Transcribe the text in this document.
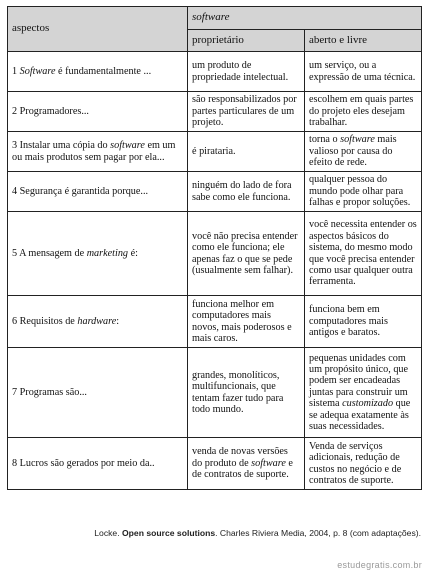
aspectos	software	
	proprietário	aberto e livre
1 Software é fundamentalmente ...	um produto de propriedade intelectual.	um serviço, ou a expressão de uma técnica.
2 Programadores...	são responsabilizados por partes particulares de um projeto.	escolhem em quais partes do projeto eles desejam trabalhar.
3 Instalar uma cópia do software em um ou mais produtos sem pagar por ela...	é pirataria.	torna o software mais valioso por causa do efeito de rede.
4 Segurança é garantida porque...	ninguém do lado de fora sabe como ele funciona.	qualquer pessoa do mundo pode olhar para falhas e propor soluções.
5 A mensagem de marketing é:	você não precisa entender como ele funciona; ele apenas faz o que se pede (usualmente sem falhar).	você necessita entender os aspectos básicos do sistema, do mesmo modo que você precisa entender como usar qualquer outra ferramenta.
6 Requisitos de hardware:	funciona melhor em computadores mais novos, mais poderosos e mais caros.	funciona bem em computadores mais antigos e baratos.
7 Programas são...	grandes, monolíticos, multifuncionais, que tentam fazer tudo para todo mundo.	pequenas unidades com um propósito único, que podem ser encadeadas juntas para construir um sistema customizado que se adequa exatamente às suas necessidades.
8 Lucros são gerados por meio da..	venda de novas versões do produto de software e de contratos de suporte.	Venda de serviços adicionais, redução de custos no negócio e de contratos de suporte.
Locke. Open source solutions. Charles Riviera Media, 2004, p. 8 (com adaptações).
estudegratis.com.br
